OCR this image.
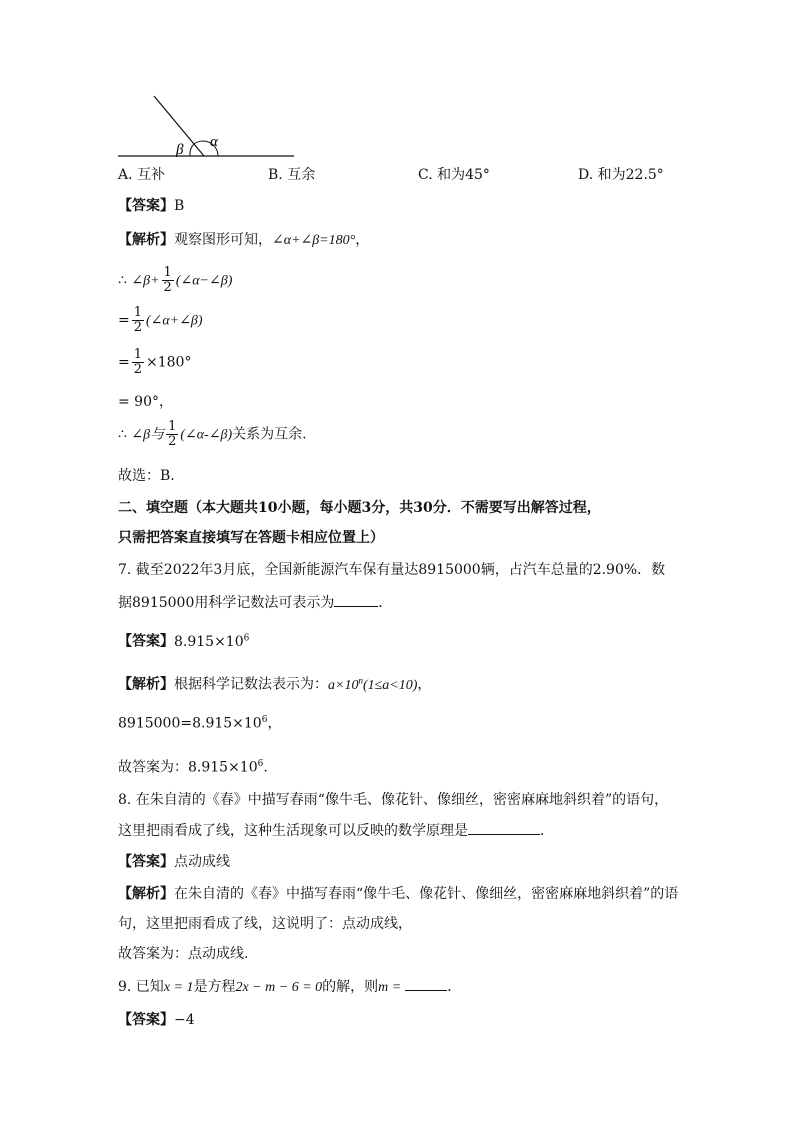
α
β
A. 互补	B. 互余	C. 和为45°	D. 和为22.5°
【答案】B
【解析】观察图形可知，∠α+∠β=180°，
∴ ∠β+ $\frac{1}{2}$ (∠α−∠β)
= $\frac{1}{2}$ (∠α+∠β)
= $\frac{1}{2} \times 180^\circ$
= 90°，
∴ ∠β与 $\frac{1}{2}$ (∠α-∠β)关系为互余.
故选：B.
二、填空题（本大题共10小题，每小题3分，共30分．不需要写出解答过程，
只需把答案直接填写在答题卡相应位置上）
7. 截至2022年3月底，全国新能源汽车保有量达8915000辆，占汽车总量的2.90%．数
据8915000用科学记数法可表示为	．
【答案】$8.915\times 10^6$
【解析】根据科学记数法表示为：$a\times 10^n(1\le a<10)$，
$8915000=8.915\times 10^6$，
故答案为：$8.915\times 10^6$.
8. 在朱自清的《春》中描写春雨“像牛毛、像花针、像细丝，密密麻麻地斜织着”的语句，
这里把雨看成了线，这种生活现象可以反映的数学原理是	．
【答案】点动成线
【解析】在朱自清的《春》中描写春雨“像牛毛、像花针、像细丝，密密麻麻地斜织着”的语
句，这里把雨看成了线，这说明了：点动成线，
故答案为：点动成线.
9. 已知x = 1是方程2x − m − 6 = 0的解，则m =	．
【答案】−4
